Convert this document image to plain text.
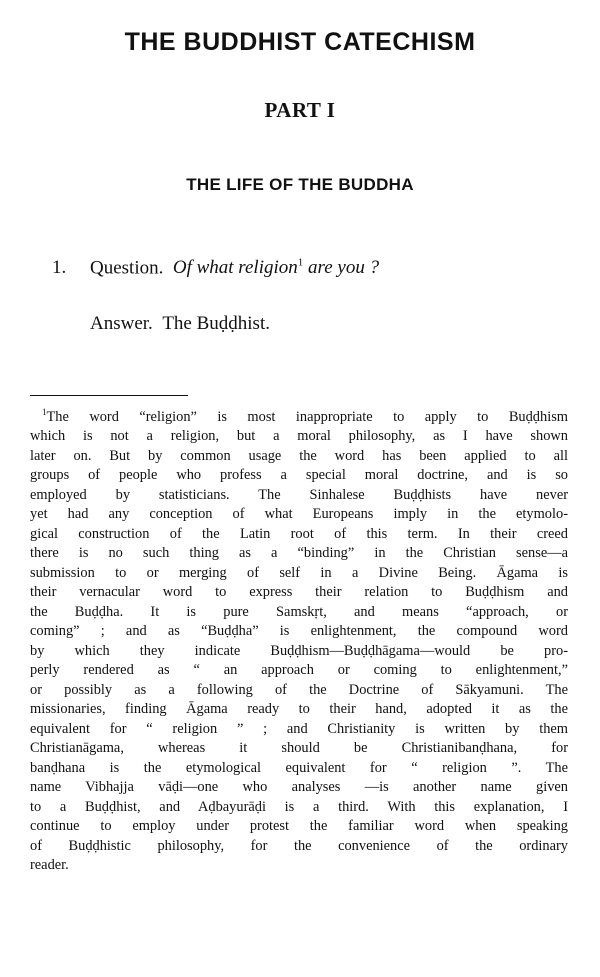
THE BUDDHIST CATECHISM
PART I
THE LIFE OF THE BUDDHA
1. Question. Of what religion$^1$ are you ?
Answer. The Buḍḍhist.
$^1$The word “religion” is most inappropriate to apply to Buḍḍhism
which is not a religion, but a moral philosophy, as I have shown
later on. But by common usage the word has been applied to all
groups of people who profess a special moral doctrine, and is so
employed by statisticians. The Sinhalese Buḍḍhists have never
yet had any conception of what Europeans imply in the etymolo-
gical construction of the Latin root of this term. In their creed
there is no such thing as a “binding” in the Christian sense—a
submission to or merging of self in a Divine Being. Āgama is
their vernacular word to express their relation to Buḍḍhism and
the Buḍḍha. It is pure Samskṛt, and means “approach, or
coming” ; and as “Buḍḍha” is enlightenment, the compound word
by which they indicate Buḍḍhism—Buḍḍhāgama—would be pro-
perly rendered as “ an approach or coming to enlightenment,”
or possibly as a following of the Doctrine of Sākyamuni. The
missionaries, finding Āgama ready to their hand, adopted it as the
equivalent for “ religion ” ; and Christianity is written by them
Christianāgama, whereas it should be Christianibanḍhana, for
banḍhana is the etymological equivalent for “ religion ”. The
name Vibhajja vāḍi—one who analyses —is another name given
to a Buḍḍhist, and Aḍbayurāḍi is a third. With this explanation, I
continue to employ under protest the familiar word when speaking
of Buḍḍhistic philosophy, for the convenience of the ordinary
reader.
